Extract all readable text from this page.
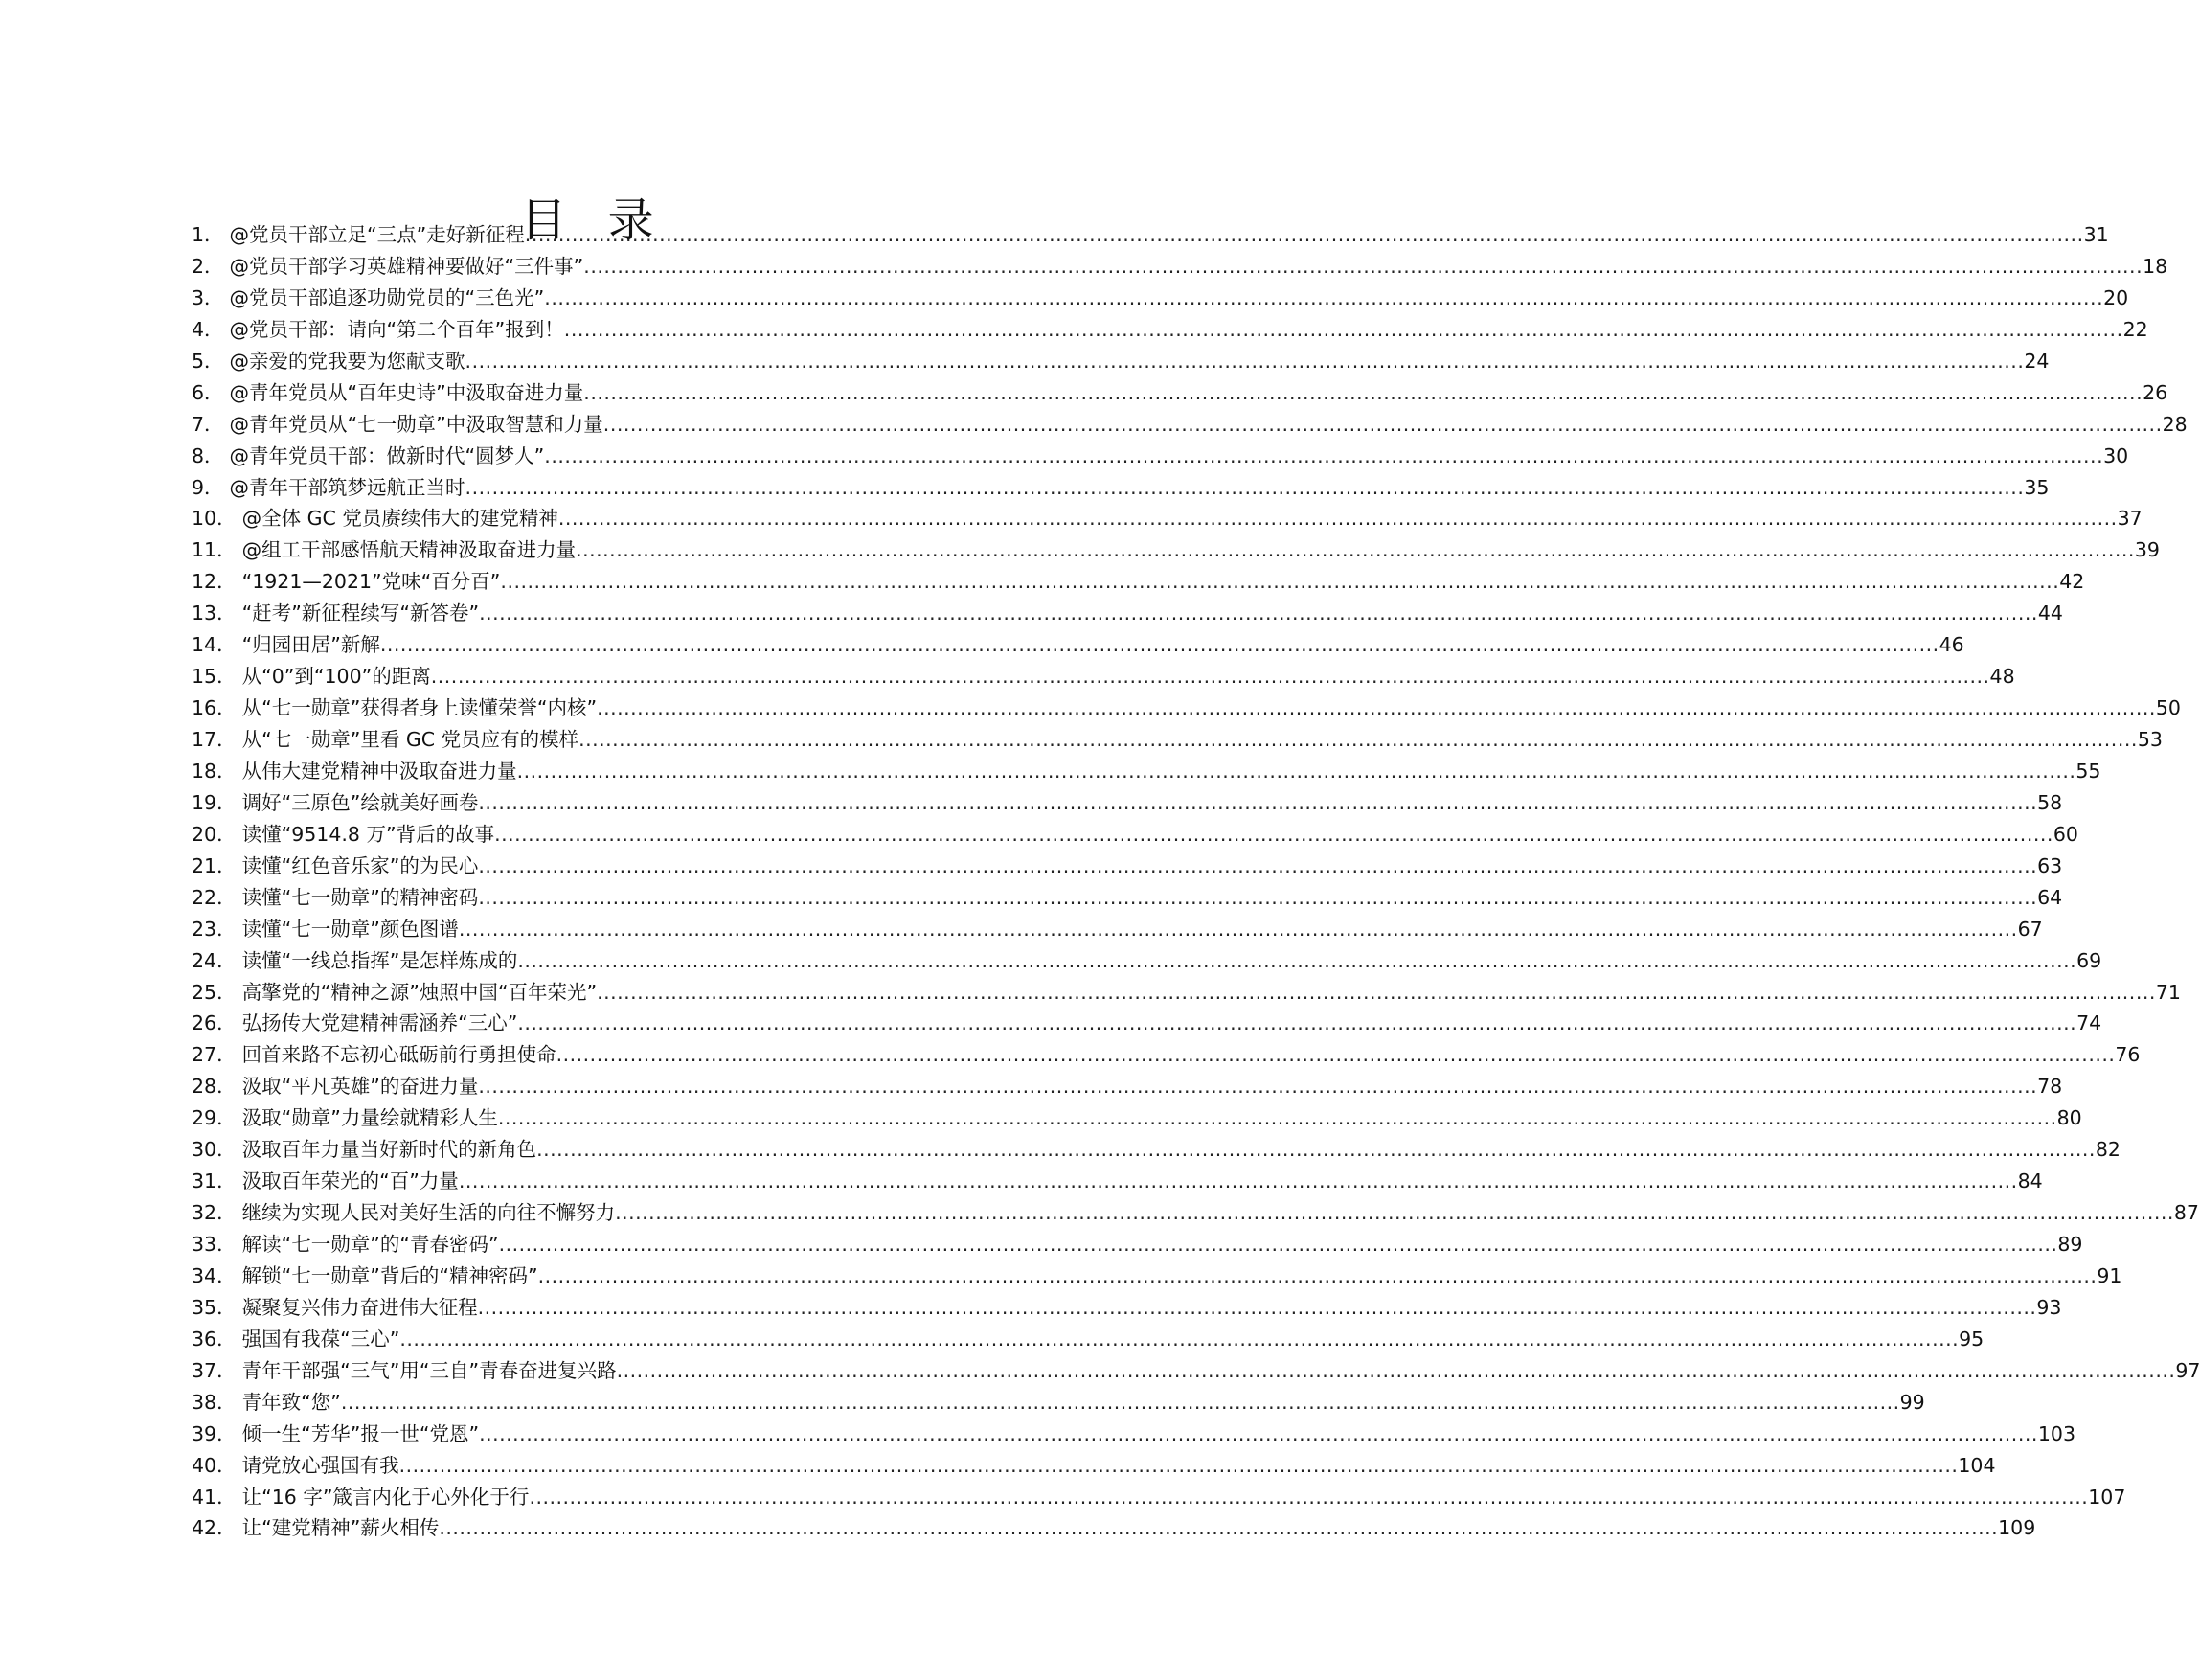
目 录
1． @党员干部立足“三点”走好新征程 .....	31
2． @党员干部学习英雄精神要做好“三件事” .....	18
3． @党员干部追逐功勋党员的“三色光” .....	20
4． @党员干部：请向“第二个百年”报到！ .....	22
5． @亲爱的党我要为您献支歌 .....	24
6． @青年党员从“百年史诗”中汲取奋进力量 .....	26
7． @青年党员从“七一勋章”中汲取智慧和力量 .....	28
8． @青年党员干部：做新时代“圆梦人” .....	30
9． @青年干部筑梦远航正当时 .....	35
10． @全体 GC 党员赓续伟大的建党精神 .....	37
11． @组工干部感悟航天精神汲取奋进力量 .....	39
12． “1921—2021”党味“百分百” .....	42
13． “赶考”新征程续写“新答卷” .....	44
14． “归园田居”新解 .....	46
15． 从“0”到“100”的距离 .....	48
16． 从“七一勋章”获得者身上读懂荣誉“内核” .....	50
17． 从“七一勋章”里看 GC 党员应有的模样 .....	53
18． 从伟大建党精神中汲取奋进力量 .....	55
19． 调好“三原色”绘就美好画卷 .....	58
20． 读懂“9514.8 万”背后的故事 .....	60
21． 读懂“红色音乐家”的为民心 .....	63
22． 读懂“七一勋章”的精神密码 .....	64
23． 读懂“七一勋章”颜色图谱 .....	67
24． 读懂“一线总指挥”是怎样炼成的 .....	69
25． 高擎党的“精神之源”烛照中国“百年荣光” .....	71
26． 弘扬传大党建精神需涵养“三心” .....	74
27． 回首来路不忘初心砥砺前行勇担使命 .....	76
28． 汲取“平凡英雄”的奋进力量 .....	78
29． 汲取“勋章”力量绘就精彩人生 .....	80
30． 汲取百年力量当好新时代的新角色 .....	82
31． 汲取百年荣光的“百”力量 .....	84
32． 继续为实现人民对美好生活的向往不懈努力 .....	87
33． 解读“七一勋章”的“青春密码” .....	89
34． 解锁“七一勋章”背后的“精神密码” .....	91
35． 凝聚复兴伟力奋进伟大征程 .....	93
36． 强国有我葆“三心” .....	95
37． 青年干部强“三气”用“三自”青春奋进复兴路 .....	97
38． 青年致“您” .....	99
39． 倾一生“芳华”报一世“党恩” .....	103
40． 请党放心强国有我 .....	104
41． 让“16 字”箴言内化于心外化于行 .....	107
42． 让“建党精神”薪火相传 .....	109
